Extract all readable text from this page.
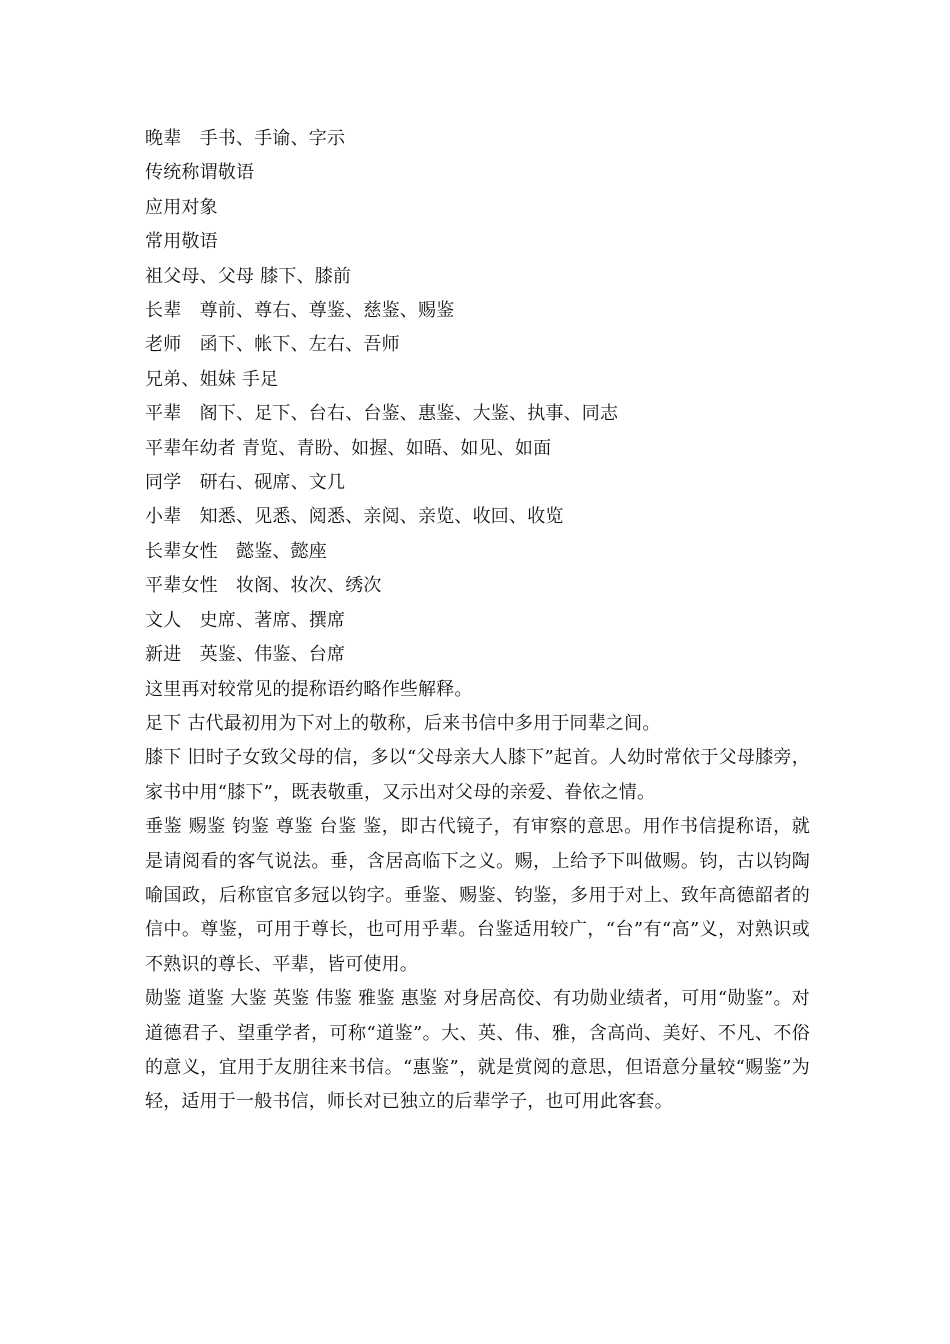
晚辈　手书、手谕、字示

传统称谓敬语

应用对象

常用敬语

祖父母、父母 膝下、膝前

长辈　尊前、尊右、尊鉴、慈鉴、赐鉴

老师　函下、帐下、左右、吾师

兄弟、姐妹 手足

平辈　阁下、足下、台右、台鉴、惠鉴、大鉴、执事、同志

平辈年幼者 青览、青盼、如握、如晤、如见、如面

同学　研右、砚席、文几

小辈　知悉、见悉、阅悉、亲阅、亲览、收回、收览

长辈女性　懿鉴、懿座

平辈女性　妆阁、妆次、绣次

文人　史席、著席、撰席

新进　英鉴、伟鉴、台席

这里再对较常见的提称语约略作些解释。

足下 古代最初用为下对上的敬称，后来书信中多用于同辈之间。

膝下 旧时子女致父母的信，多以“父母亲大人膝下”起首。人幼时常依于父母膝旁，家书中用“膝下”，既表敬重，又示出对父母的亲爱、眷依之情。

垂鉴 赐鉴 钧鉴 尊鉴 台鉴 鉴，即古代镜子，有审察的意思。用作书信提称语，就是请阅看的客气说法。垂，含居高临下之义。赐，上给予下叫做赐。钧，古以钧陶喻国政，后称宦官多冠以钧字。垂鉴、赐鉴、钧鉴，多用于对上、致年高德韶者的信中。尊鉴，可用于尊长，也可用乎辈。台鉴适用较广，“台”有“高”义，对熟识或不熟识的尊长、平辈，皆可使用。

勋鉴 道鉴 大鉴 英鉴 伟鉴 雅鉴 惠鉴 对身居高佼、有功勋业绩者，可用“勋鉴”。对道德君子、望重学者，可称“道鉴”。大、英、伟、雅，含高尚、美好、不凡、不俗的意义，宜用于友朋往来书信。“惠鉴”，就是赏阅的意思，但语意分量较“赐鉴”为轻，适用于一般书信，师长对已独立的后辈学子，也可用此客套。
